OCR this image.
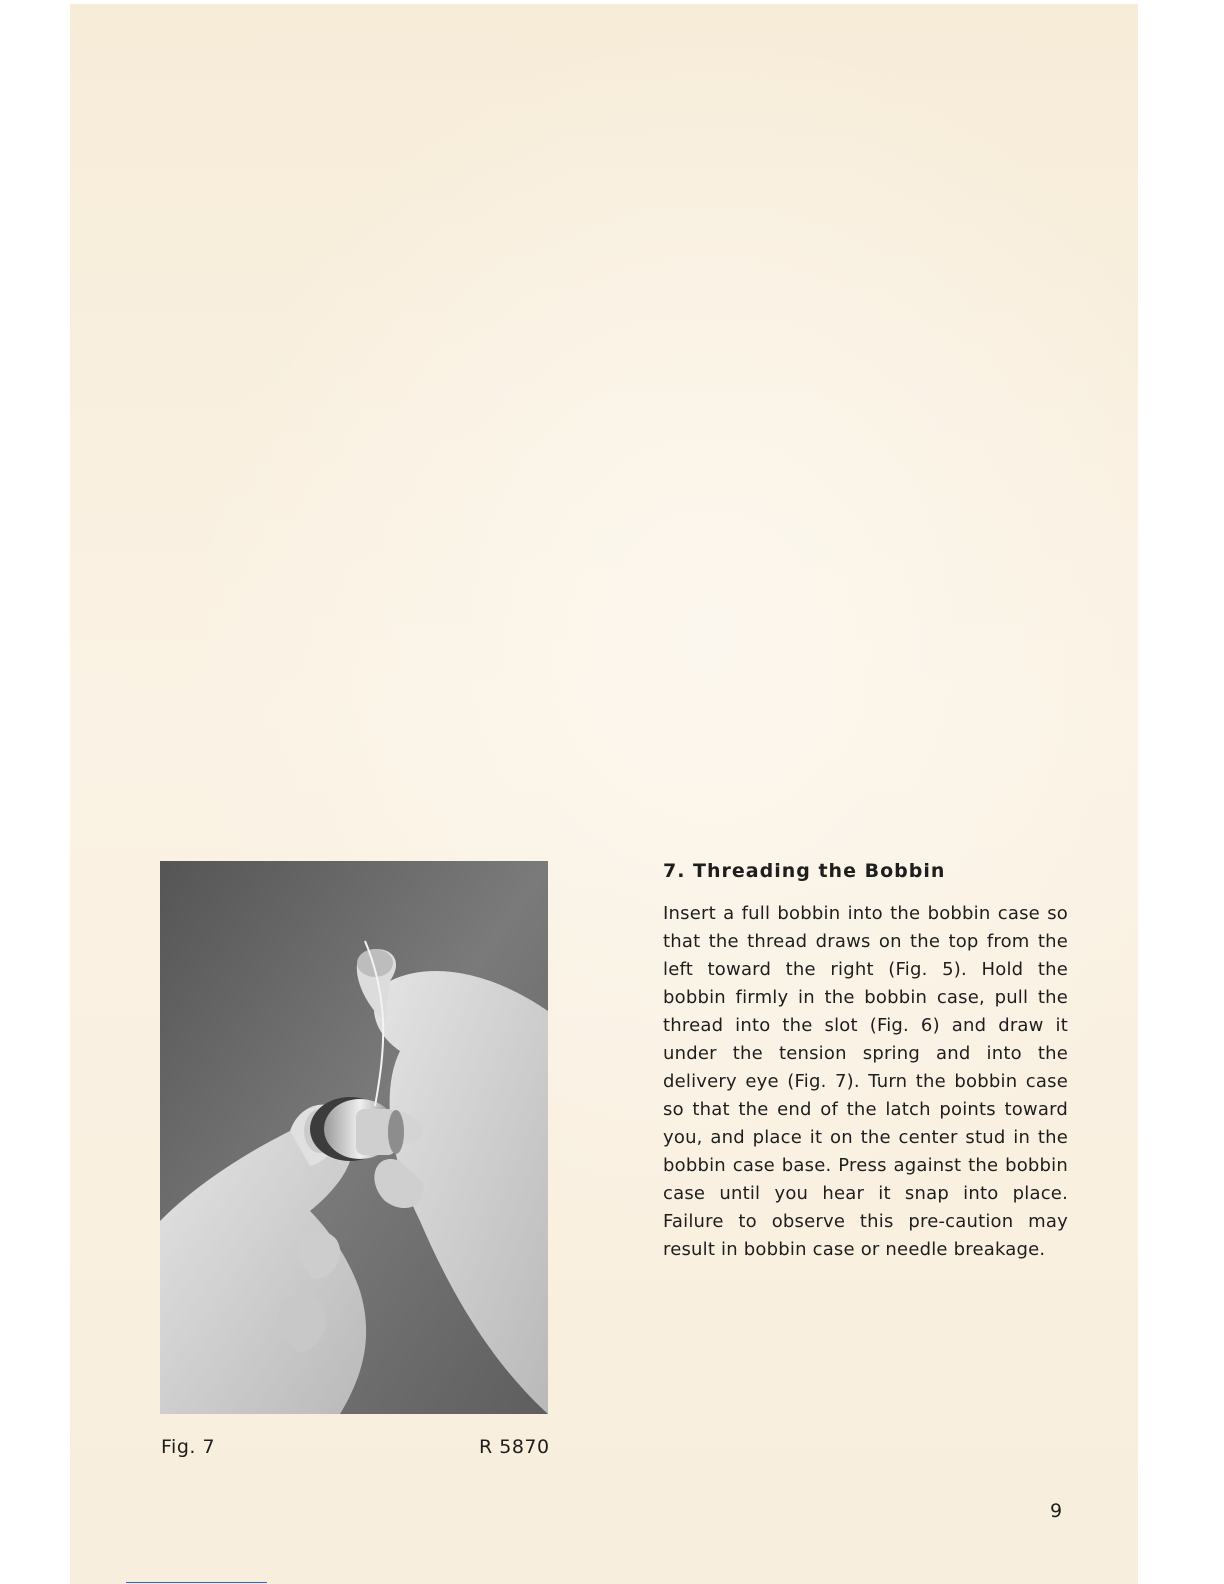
Fig. 7	R 5870
7. Threading the Bobbin

Insert a full bobbin into the bobbin case so that the thread draws on the top from the left toward the right (Fig. 5). Hold the bobbin firmly in the bobbin case, pull the thread into the slot (Fig. 6) and draw it under the tension spring and into the delivery eye (Fig. 7). Turn the bobbin case so that the end of the latch points toward you, and place it on the center stud in the bobbin case base. Press against the bobbin case until you hear it snap into place. Failure to observe this pre-caution may result in bobbin case or needle breakage.

9
